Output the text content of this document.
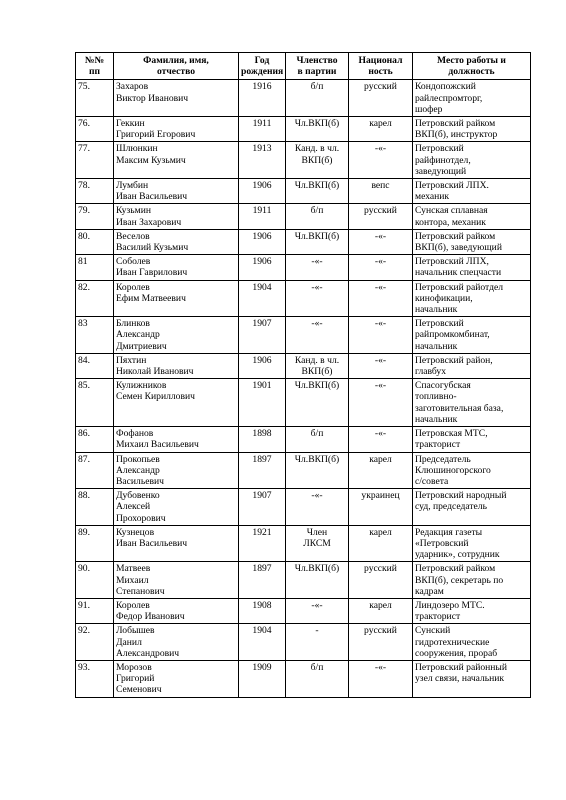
№№
пп	Фамилия, имя,
отчество	Год
рождения	Членство
в партии	Национал
ность	Место работы и
должность

75.	Захаров
Виктор Иванович	1916	б/п	русский	Кондопожский
райлеспромторг,
шофер

76.	Геккин
Григорий Егорович	1911	Чл.ВКП(б)	карел	Петровский райком
ВКП(б), инструктор

77.	Шлюнкин
Максим Кузьмич	1913	Канд. в чл.
ВКП(б)	-«-	Петровский
райфинотдел,
заведующий

78.	Лумбин
Иван Васильевич	1906	Чл.ВКП(б)	вепс	Петровский ЛПХ.
механик

79.	Кузьмин
Иван Захарович	1911	б/п	русский	Сунская сплавная
контора, механик

80.	Веселов
Василий Кузьмич	1906	Чл.ВКП(б)	-«-	Петровский райком
ВКП(б), заведующий

81	Соболев
Иван Гаврилович	1906	-«-	-«-	Петровский ЛПХ,
начальник спецчасти

82.	Королев
Ефим Матвеевич	1904	-«-	-«-	Петровский райотдел
кинофикации,
начальник

83	Блинков
Александр
Дмитриевич	1907	-«-	-«-	Петровский
райпромкомбинат,
начальник

84.	Пяхтин
Николай Иванович	1906	Канд. в чл.
ВКП(б)	-«-	Петровский район,
главбух

85.	Кулижников
Семен Кириллович	1901	Чл.ВКП(б)	-«-	Спасогубская
топливно-
заготовительная база,
начальник

86.	Фофанов
Михаил Васильевич	1898	б/п	-«-	Петровская МТС,
тракторист

87.	Прокопьев
Александр
Васильевич	1897	Чл.ВКП(б)	карел	Председатель
Клюшиногорского
с/совета

88.	Дубовенко
Алексей
Прохорович	1907	-«-	украинец	Петровский народный
суд, председатель

89.	Кузнецов
Иван Васильевич	1921	Член
ЛКСМ	карел	Редакция газеты
«Петровский
ударник», сотрудник

90.	Матвеев
Михаил
Степанович	1897	Чл.ВКП(б)	русский	Петровский райком
ВКП(б), секретарь по
кадрам

91.	Королев
Федор Иванович	1908	-«-	карел	Линдозеро МТС.
тракторист

92.	Лобышев
Данил
Александрович	1904	-	русский	Сунский
гидротехнические
сооружения, прораб

93.	Морозов
Григорий
Семенович	1909	б/п	-«-	Петровский районный
узел связи, начальник
